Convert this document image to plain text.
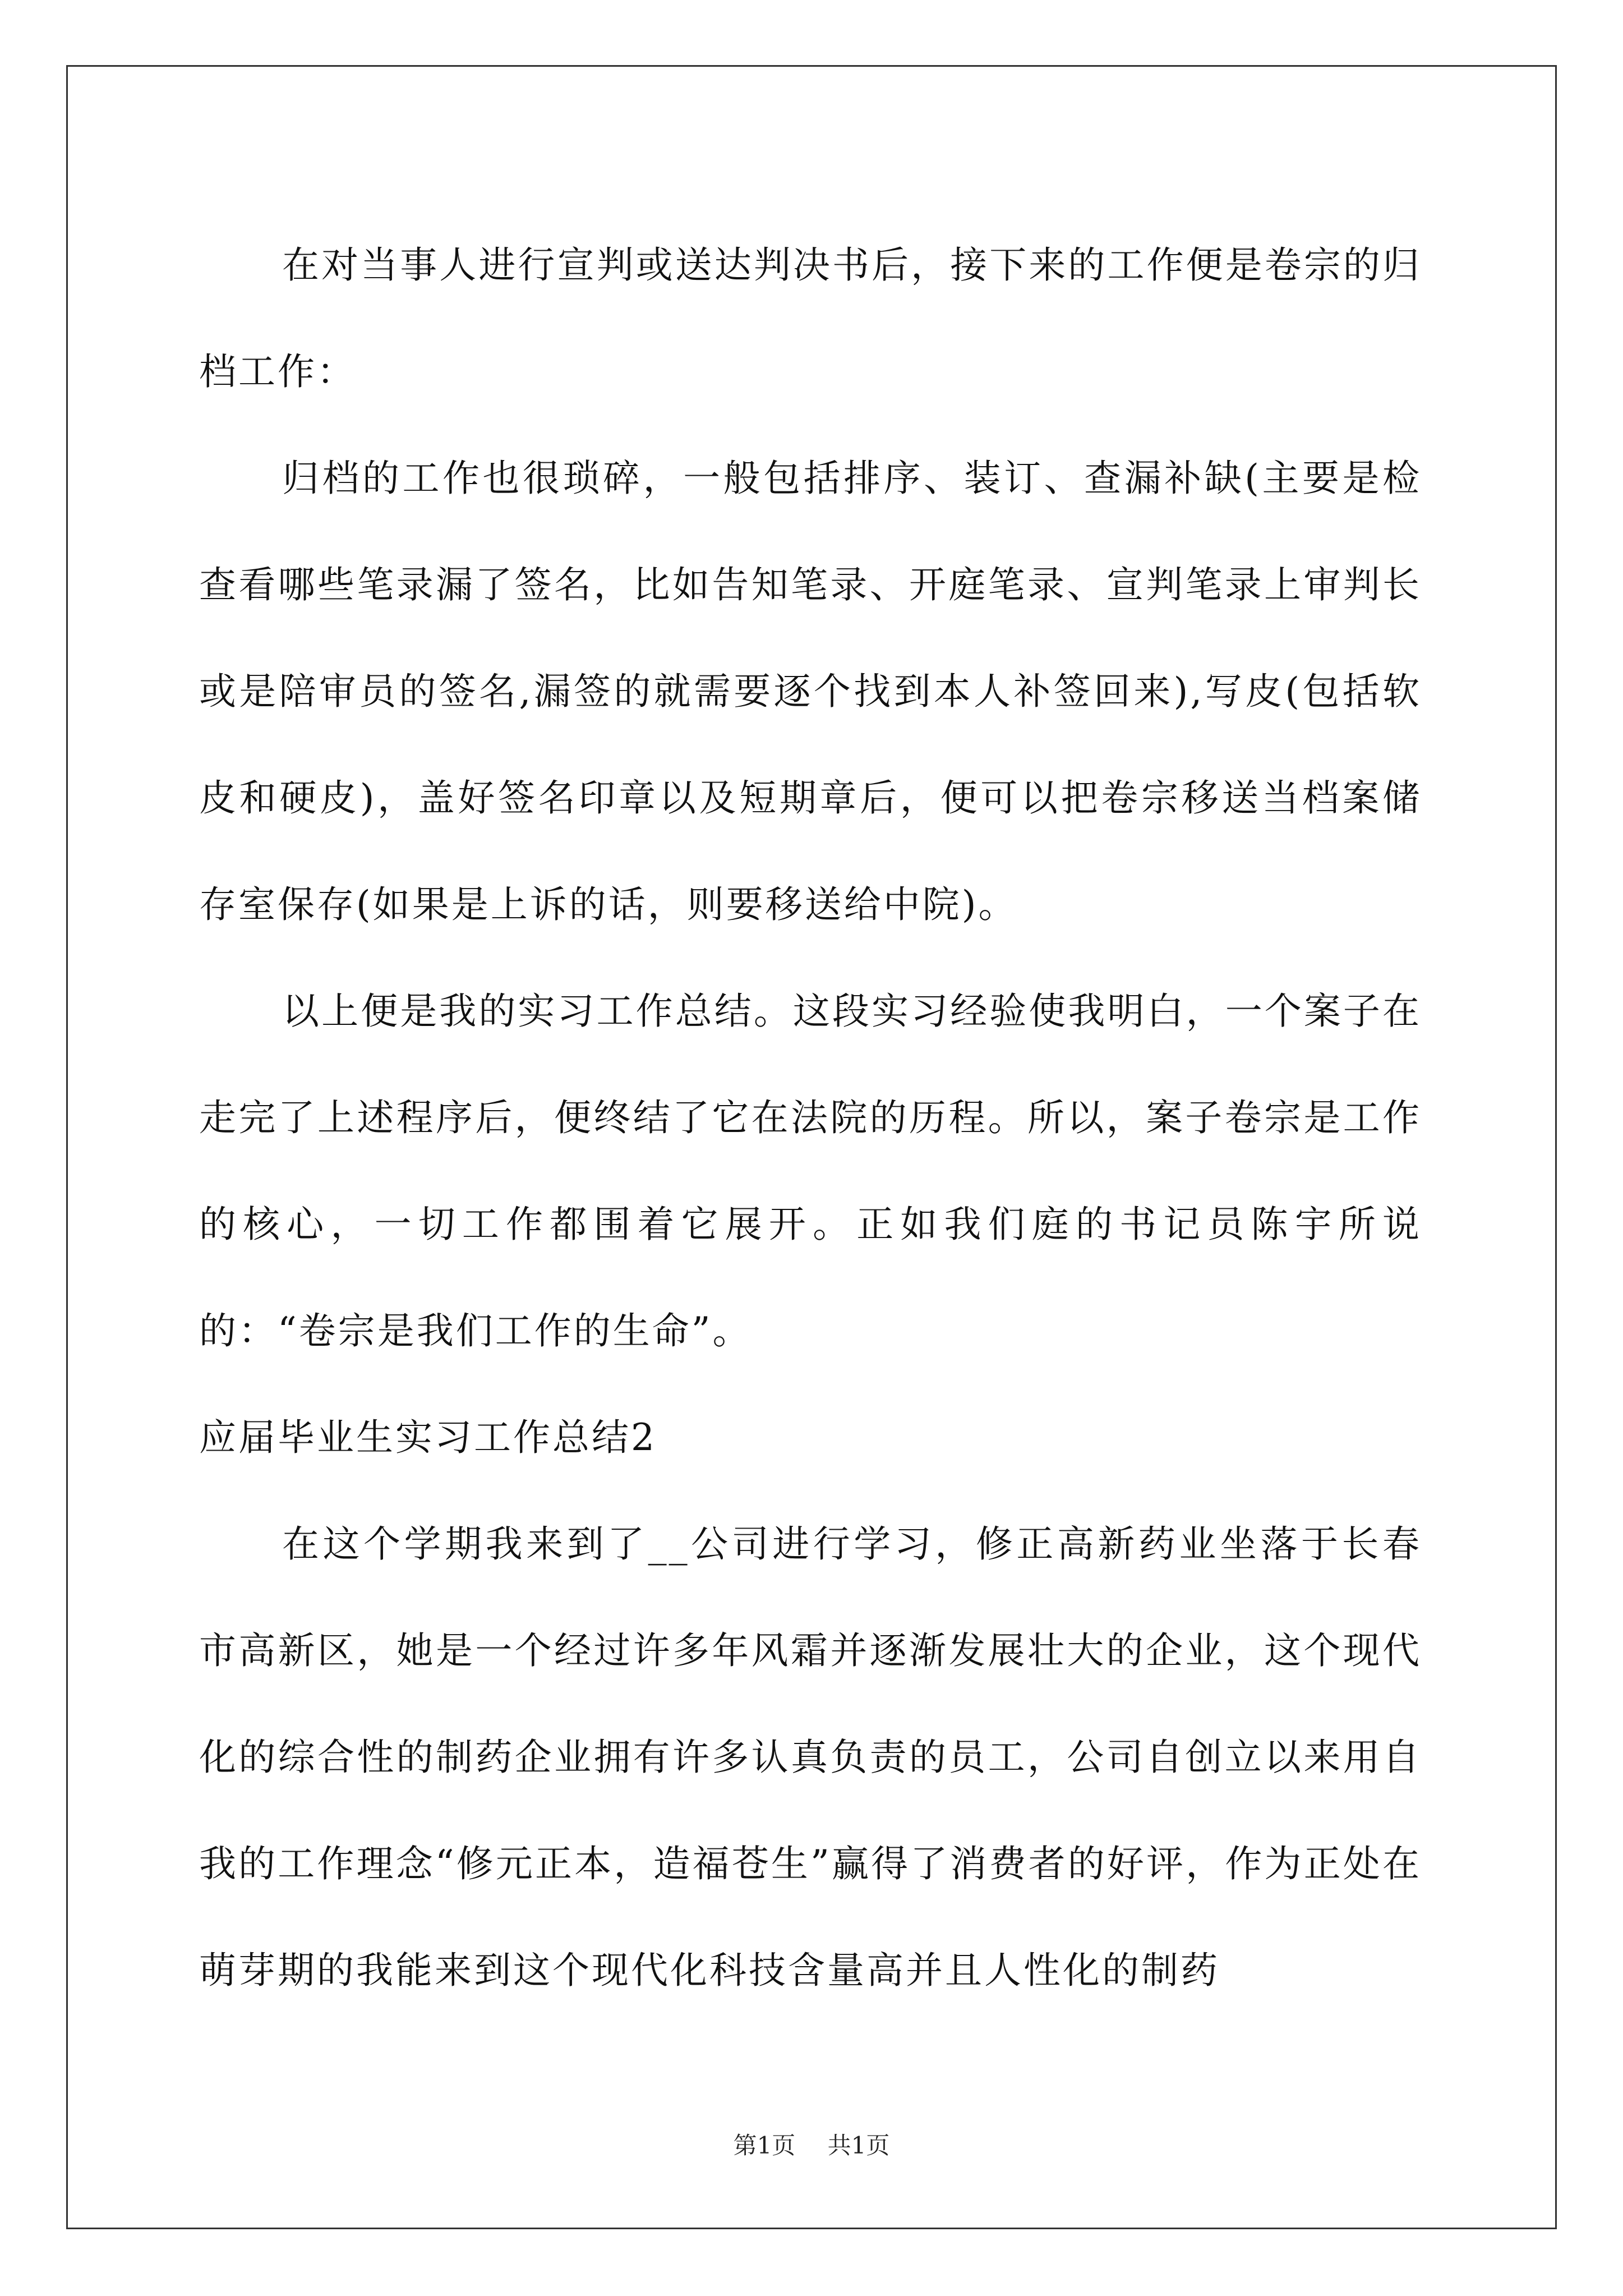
在对当事人进行宣判或送达判决书后，接下来的工作便是卷宗的归档工作：

归档的工作也很琐碎，一般包括排序、装订、查漏补缺(主要是检查看哪些笔录漏了签名，比如告知笔录、开庭笔录、宣判笔录上审判长或是陪审员的签名,漏签的就需要逐个找到本人补签回来),写皮(包括软皮和硬皮)，盖好签名印章以及短期章后，便可以把卷宗移送当档案储存室保存(如果是上诉的话，则要移送给中院)。

以上便是我的实习工作总结。这段实习经验使我明白，一个案子在走完了上述程序后，便终结了它在法院的历程。所以，案子卷宗是工作的核心，一切工作都围着它展开。正如我们庭的书记员陈宇所说的：“卷宗是我们工作的生命”。

应届毕业生实习工作总结2

在这个学期我来到了__公司进行学习，修正高新药业坐落于长春市高新区，她是一个经过许多年风霜并逐渐发展壮大的企业，这个现代化的综合性的制药企业拥有许多认真负责的员工，公司自创立以来用自我的工作理念“修元正本，造福苍生”赢得了消费者的好评，作为正处在萌芽期的我能来到这个现代化科技含量高并且人性化的制药

第1页 共1页
